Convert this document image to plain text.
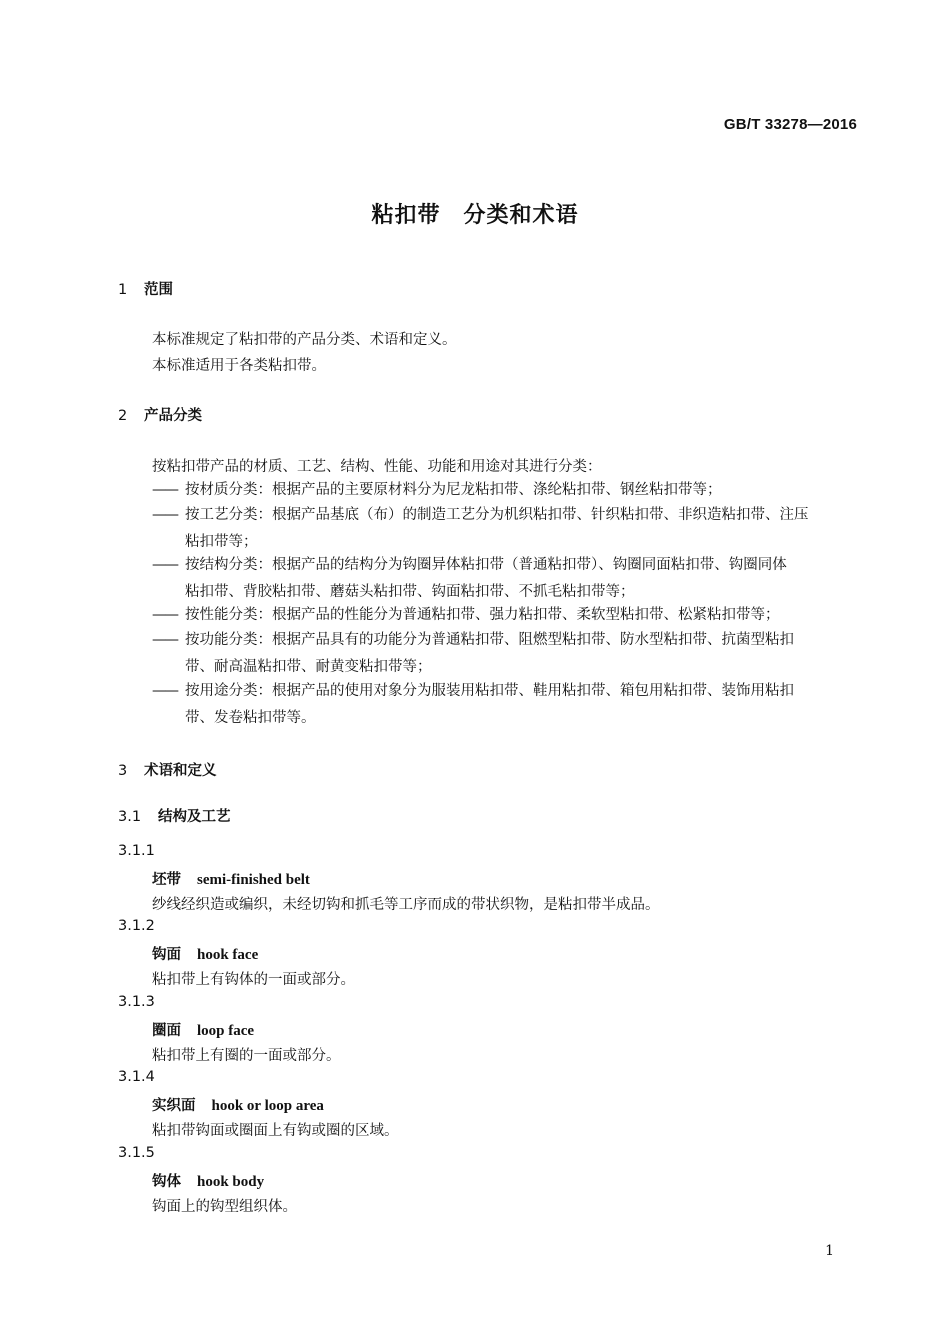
GB/T 33278—2016
粘扣带　分类和术语
1 范围
本标准规定了粘扣带的产品分类、术语和定义。
本标准适用于各类粘扣带。
2 产品分类
按粘扣带产品的材质、工艺、结构、性能、功能和用途对其进行分类：
—— 按材质分类：根据产品的主要原材料分为尼龙粘扣带、涤纶粘扣带、钢丝粘扣带等；
—— 按工艺分类：根据产品基底（布）的制造工艺分为机织粘扣带、针织粘扣带、非织造粘扣带、注压
粘扣带等；
—— 按结构分类：根据产品的结构分为钩圈异体粘扣带（普通粘扣带）、钩圈同面粘扣带、钩圈同体
粘扣带、背胶粘扣带、蘑菇头粘扣带、钩面粘扣带、不抓毛粘扣带等；
—— 按性能分类：根据产品的性能分为普通粘扣带、强力粘扣带、柔软型粘扣带、松紧粘扣带等；
—— 按功能分类：根据产品具有的功能分为普通粘扣带、阻燃型粘扣带、防水型粘扣带、抗菌型粘扣
带、耐高温粘扣带、耐黄变粘扣带等；
—— 按用途分类：根据产品的使用对象分为服装用粘扣带、鞋用粘扣带、箱包用粘扣带、装饰用粘扣
带、发卷粘扣带等。
3 术语和定义
3.1 结构及工艺
3.1.1
坯带 semi-finished belt
纱线经织造或编织，未经切钩和抓毛等工序而成的带状织物，是粘扣带半成品。
3.1.2
钩面 hook face
粘扣带上有钩体的一面或部分。
3.1.3
圈面 loop face
粘扣带上有圈的一面或部分。
3.1.4
实织面 hook or loop area
粘扣带钩面或圈面上有钩或圈的区域。
3.1.5
钩体 hook body
钩面上的钩型组织体。
1
